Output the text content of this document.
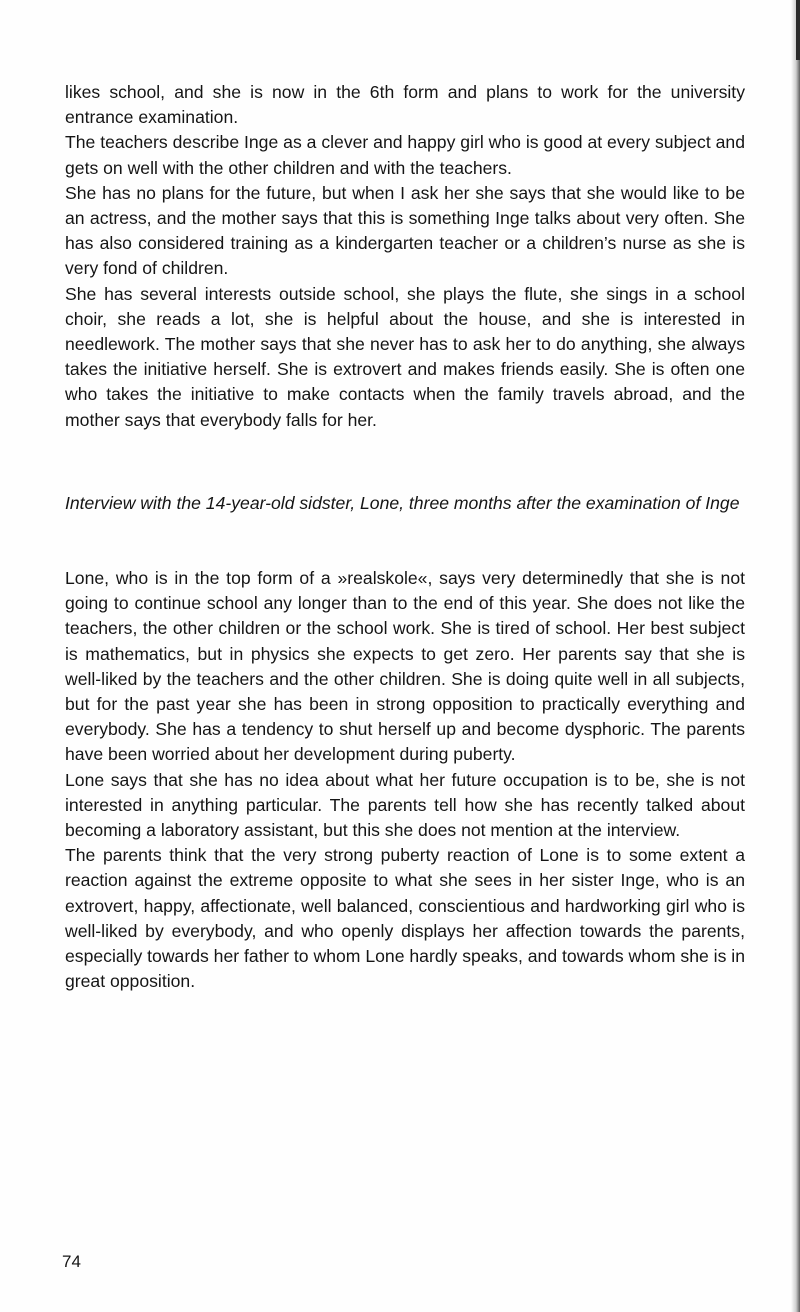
likes school, and she is now in the 6th form and plans to work for the university entrance examination.

The teachers describe Inge as a clever and happy girl who is good at every subject and gets on well with the other children and with the teachers.

She has no plans for the future, but when I ask her she says that she would like to be an actress, and the mother says that this is something Inge talks about very often. She has also considered training as a kindergarten teacher or a children’s nurse as she is very fond of children.

She has several interests outside school, she plays the flute, she sings in a school choir, she reads a lot, she is helpful about the house, and she is interested in needlework. The mother says that she never has to ask her to do anything, she always takes the initiative herself. She is extrovert and makes friends easily. She is often one who takes the initiative to make contacts when the family travels abroad, and the mother says that everybody falls for her.

Interview with the 14-year-old sidster, Lone, three months after the examination of Inge

Lone, who is in the top form of a »realskole«, says very determinedly that she is not going to continue school any longer than to the end of this year. She does not like the teachers, the other children or the school work. She is tired of school. Her best subject is mathematics, but in physics she expects to get zero. Her parents say that she is well-liked by the teachers and the other children. She is doing quite well in all subjects, but for the past year she has been in strong opposition to practically everything and everybody. She has a tendency to shut herself up and become dysphoric. The parents have been worried about her development during puberty.

Lone says that she has no idea about what her future occupation is to be, she is not interested in anything particular. The parents tell how she has recently talked about becoming a laboratory assistant, but this she does not mention at the interview.

The parents think that the very strong puberty reaction of Lone is to some extent a reaction against the extreme opposite to what she sees in her sister Inge, who is an extrovert, happy, affectionate, well balanced, conscientious and hardworking girl who is well-liked by everybody, and who openly displays her affection towards the parents, especially towards her father to whom Lone hardly speaks, and towards whom she is in great opposition.

74
